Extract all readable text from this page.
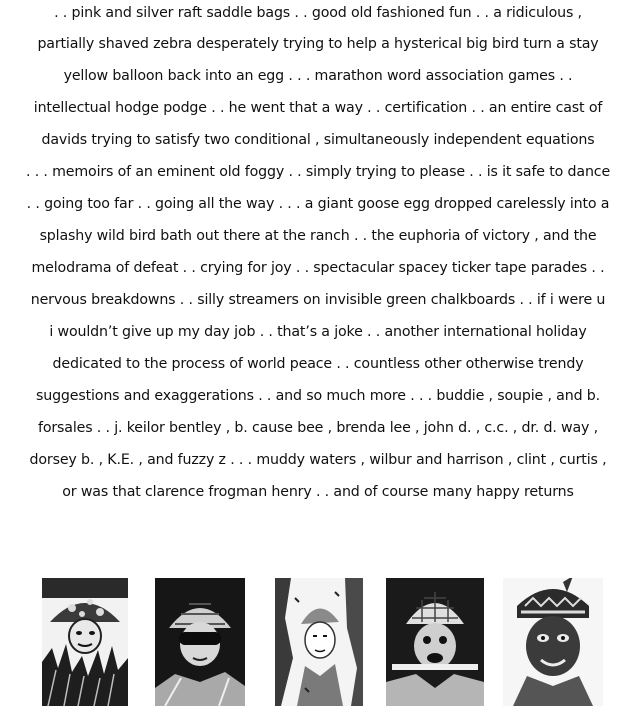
. . pink and silver raft saddle bags . . good old fashioned fun . . a ridiculous ,
partially shaved zebra desperately trying to help a hysterical big bird turn a stay
yellow balloon back into an egg . . . marathon word association games . .
intellectual hodge podge . . he went that a way . . certification . . an entire cast of
davids trying to satisfy two conditional , simultaneously independent equations
. . . memoirs of an eminent old foggy . . simply trying to please . . is it safe to dance
. . going too far . . going all the way . . . a giant goose egg dropped carelessly into a
splashy wild bird bath out there at the ranch . . the euphoria of victory , and the
melodrama of defeat . . crying for joy . . spectacular spacey ticker tape parades . .
nervous breakdowns . . silly streamers on invisible green chalkboards . . if i were u
i wouldn’t give up my day job . . that’s a joke . . another international holiday
dedicated to the process of world peace . . countless other otherwise trendy
suggestions and exaggerations . . and so much more . . . buddie , soupie , and b.
forsales . . j. keilor bentley , b. cause bee , brenda lee , john d. , c.c. , dr. d. way ,
dorsey b. , K.E. , and fuzzy z . . . muddy waters , wilbur and harrison , clint , curtis ,
or was that clarence frogman henry . . and of course many happy returns
